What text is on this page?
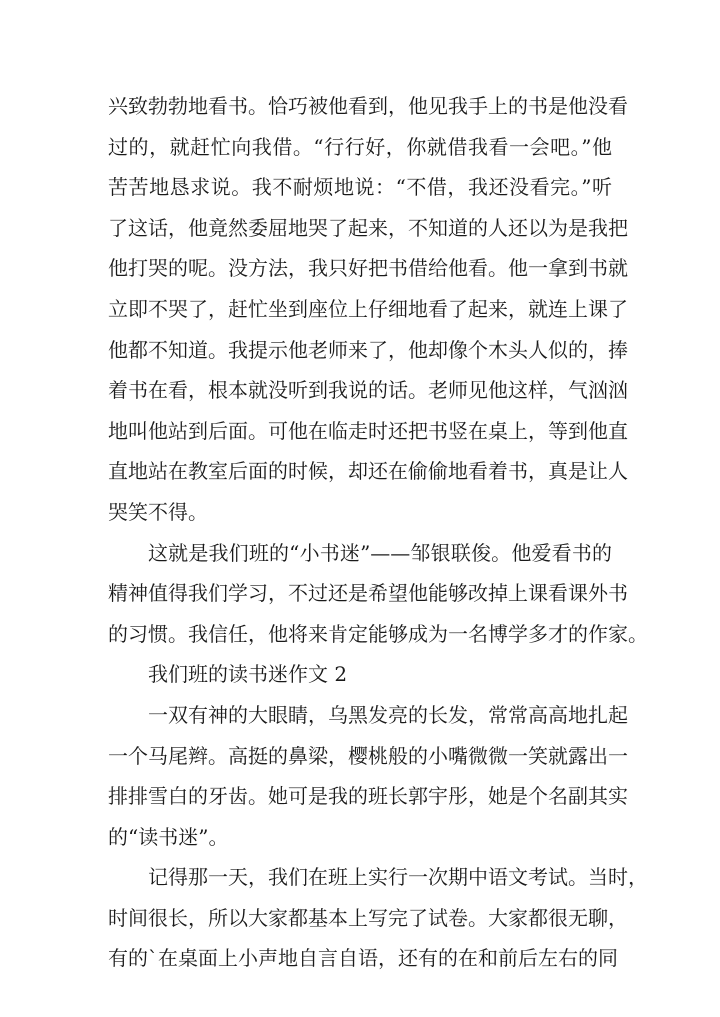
兴致勃勃地看书。恰巧被他看到，他见我手上的书是他没看
过的，就赶忙向我借。“行行好，你就借我看一会吧。”他
苦苦地恳求说。我不耐烦地说：“不借，我还没看完。”听
了这话，他竟然委屈地哭了起来，不知道的人还以为是我把
他打哭的呢。没方法，我只好把书借给他看。他一拿到书就
立即不哭了，赶忙坐到座位上仔细地看了起来，就连上课了
他都不知道。我提示他老师来了，他却像个木头人似的，捧
着书在看，根本就没听到我说的话。老师见他这样，气汹汹
地叫他站到后面。可他在临走时还把书竖在桌上，等到他直
直地站在教室后面的时候，却还在偷偷地看着书，真是让人
哭笑不得。
这就是我们班的“小书迷”——邹银联俊。他爱看书的
精神值得我们学习，不过还是希望他能够改掉上课看课外书
的习惯。我信任，他将来肯定能够成为一名博学多才的作家。
我们班的读书迷作文 2
一双有神的大眼睛，乌黑发亮的长发，常常高高地扎起
一个马尾辫。高挺的鼻梁，樱桃般的小嘴微微一笑就露出一
排排雪白的牙齿。她可是我的班长郭宇彤，她是个名副其实
的“读书迷”。
记得那一天，我们在班上实行一次期中语文考试。当时，
时间很长，所以大家都基本上写完了试卷。大家都很无聊，
有的`在桌面上小声地自言自语，还有的在和前后左右的同
